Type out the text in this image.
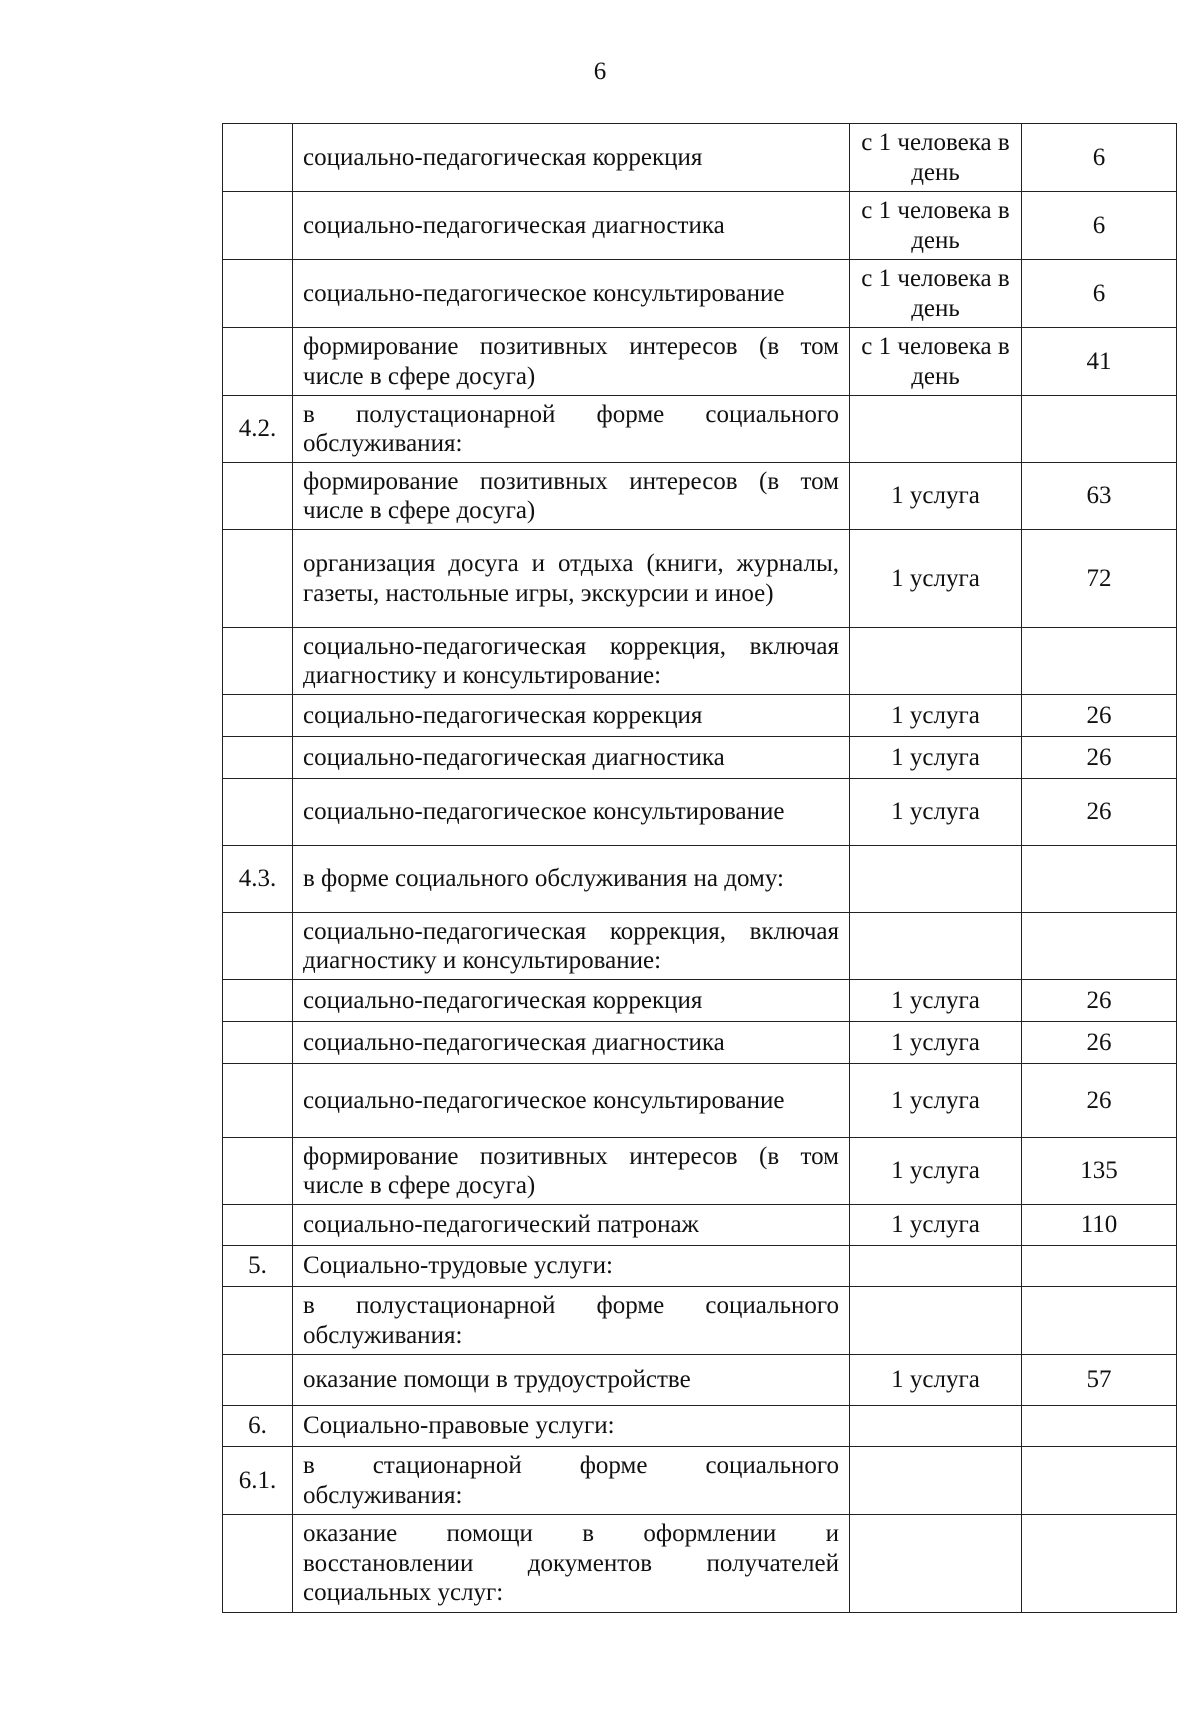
6
	социально-педагогическая коррекция	с 1 человека в день	6
	социально-педагогическая диагностика	с 1 человека в день	6
	социально-педагогическое консультирование	с 1 человека в день	6
	формирование позитивных интересов (в том числе в сфере досуга)	с 1 человека в день	41
4.2.	в полустационарной форме социального обслуживания:		
	формирование позитивных интересов (в том числе в сфере досуга)	1 услуга	63
	организация досуга и отдыха (книги, журналы, газеты, настольные игры, экскурсии и иное)	1 услуга	72
	социально-педагогическая коррекция, включая диагностику и консультирование:		
	социально-педагогическая коррекция	1 услуга	26
	социально-педагогическая диагностика	1 услуга	26
	социально-педагогическое консультирование	1 услуга	26
4.3.	в форме социального обслуживания на дому:		
	социально-педагогическая коррекция, включая диагностику и консультирование:		
	социально-педагогическая коррекция	1 услуга	26
	социально-педагогическая диагностика	1 услуга	26
	социально-педагогическое консультирование	1 услуга	26
	формирование позитивных интересов (в том числе в сфере досуга)	1 услуга	135
	социально-педагогический патронаж	1 услуга	110
5.	Социально-трудовые услуги:		
	в полустационарной форме социального обслуживания:		
	оказание помощи в трудоустройстве	1 услуга	57
6.	Социально-правовые услуги:		
6.1.	в стационарной форме социального обслуживания:		
	оказание помощи в оформлении и восстановлении документов получателей социальных услуг:		
